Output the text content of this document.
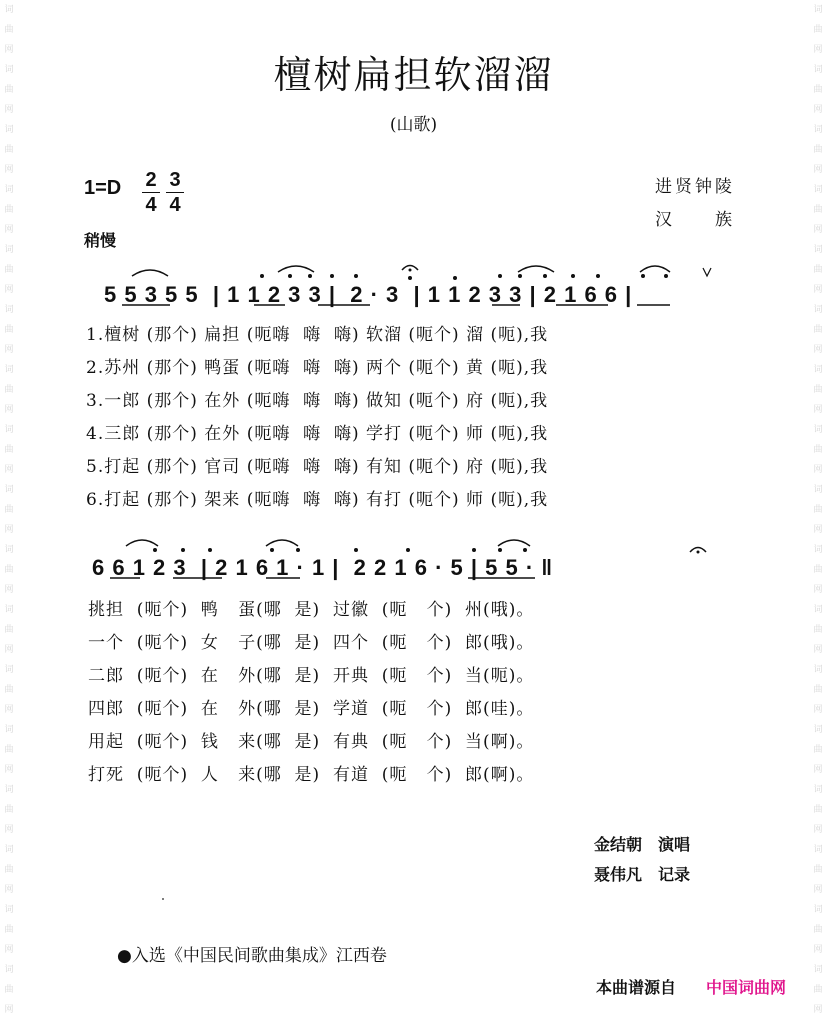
词
曲
网
词
曲
网
词
曲
网
词
曲
网
词
曲
网
词
曲
网
词
曲
网
词
曲
网
词
曲
网
词
曲
网
词
曲
网
词
曲
网
词
曲
网
词
曲
网
词
曲
网
词
曲
网
词
曲
网
词
曲
网
词
曲
网
词
曲
网
词
曲
网
词
曲
网
词
曲
网
词
曲
网
词
曲
网
词
曲
网
词
曲
网
词
曲
网
词
曲
网
词
曲
网
词
曲
网
词
曲
网
词
曲
网
词
曲
网
檀树扁担软溜溜
(山歌)
$1=D \frac{2}{4} \frac{3}{4}$
稍慢
进贤钟陵
汉　　族
5 5 3 5 5  | 1 1 2 3 3 |  2 · 3  | 1 1 2 3 3 | 2 1 6 6 |
1.檀树 (那个) 扁担 (呃嗨  嗨  嗨) 软溜 (呃个) 溜 (呃),我
2.苏州 (那个) 鸭蛋 (呃嗨  嗨  嗨) 两个 (呃个) 黄 (呃),我
3.一郎 (那个) 在外 (呃嗨  嗨  嗨) 做知 (呃个) 府 (呃),我
4.三郎 (那个) 在外 (呃嗨  嗨  嗨) 学打 (呃个) 师 (呃),我
5.打起 (那个) 官司 (呃嗨  嗨  嗨) 有知 (呃个) 府 (呃),我
6.打起 (那个) 架来 (呃嗨  嗨  嗨) 有打 (呃个) 师 (呃),我
6 6 1 2 3  | 2 1 6 1 · 1 |  2 2 1 6 · 5 | 5 5 · ‖
挑担  (呃个)  鸭   蛋(哪  是)  过徽  (呃   个)  州(哦)。
一个  (呃个)  女   子(哪  是)  四个  (呃   个)  郎(哦)。
二郎  (呃个)  在   外(哪  是)  开典  (呃   个)  当(呃)。
四郎  (呃个)  在   外(哪  是)  学道  (呃   个)  郎(哇)。
用起  (呃个)  钱   来(哪  是)  有典  (呃   个)  当(啊)。
打死  (呃个)  人   来(哪  是)  有道  (呃   个)  郎(啊)。
金结朝　演唱
聂伟凡　记录
●入选《中国民间歌曲集成》江西卷
本曲谱源自 中国词曲网
